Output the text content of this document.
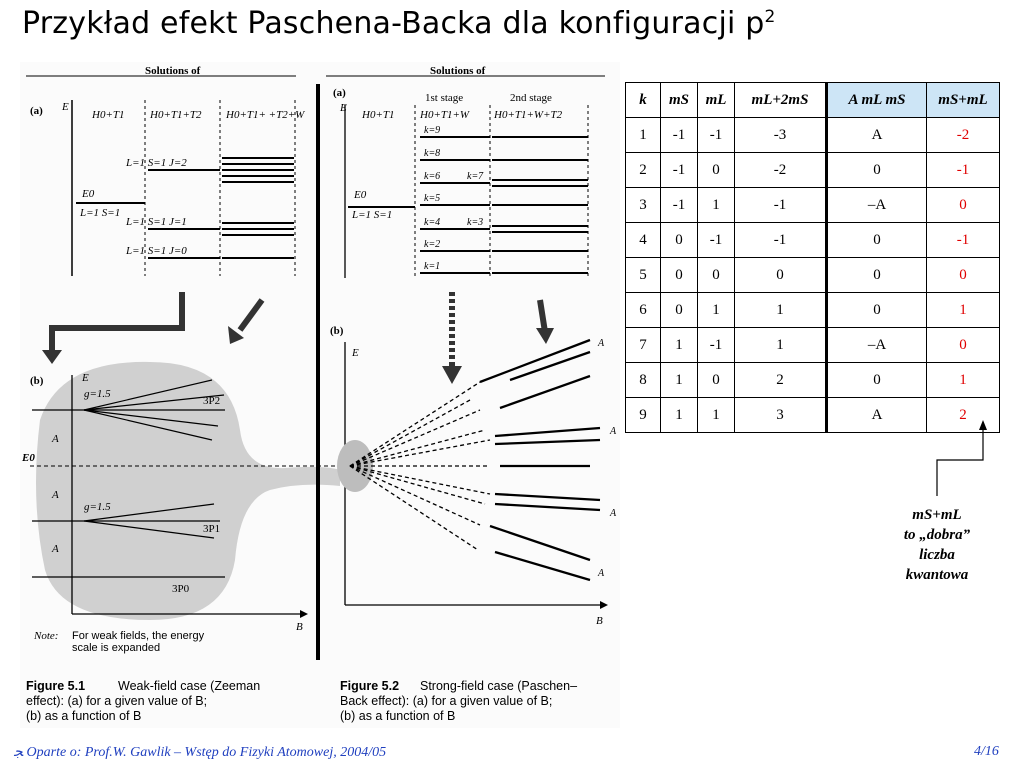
Przykład efekt Paschena-Backa dla konfiguracji $p^2$
Solutions of
(a) E
H0+T1 H0+T1+T2 H0+T1+ +T2+W
E0
L=1 S=1
L=1 S=1 J=2
L=1 S=1 J=1
L=1 S=1 J=0
(b)
B
E
g=1.5
3P2
E0
g=1.5
3P1
3P0
A
A
A
Note: For weak fields, the energy
scale is expanded
Solutions of
(a)
E
1st stage	2nd stage
H0+T1 H0+T1+W H0+T1+W+T2
E0
L=1 S=1
k=9
k=8
k=6	k=7
k=5
k=4	k=3
k=2
k=1
(b)
E
B
A
A
A
A
Figure 5.1	Weak-field case (Zeeman
effect): (a) for a given value of B;
(b) as a function of B
Figure 5.2 Strong-field case (Paschen–
Back effect): (a) for a given value of B;
(b) as a function of B
k	mS	mL	mL+2mS	A mL mS	mS+mL
1	-1	-1	-3	A	-2
2	-1	0	-2	0	-1
3	-1	1	-1	–A	0
4	0	-1	-1	0	-1
5	0	0	0	0	0
6	0	1	1	0	1
7	1	-1	1	–A	0
8	1	0	2	0	1
9	1	1	3	A	2
mS+mL
to „dobra”
liczba
kwantowa
ﺠ Oparte o: Prof.W. Gawlik – Wstęp do Fizyki Atomowej, 2004/05	4/16
